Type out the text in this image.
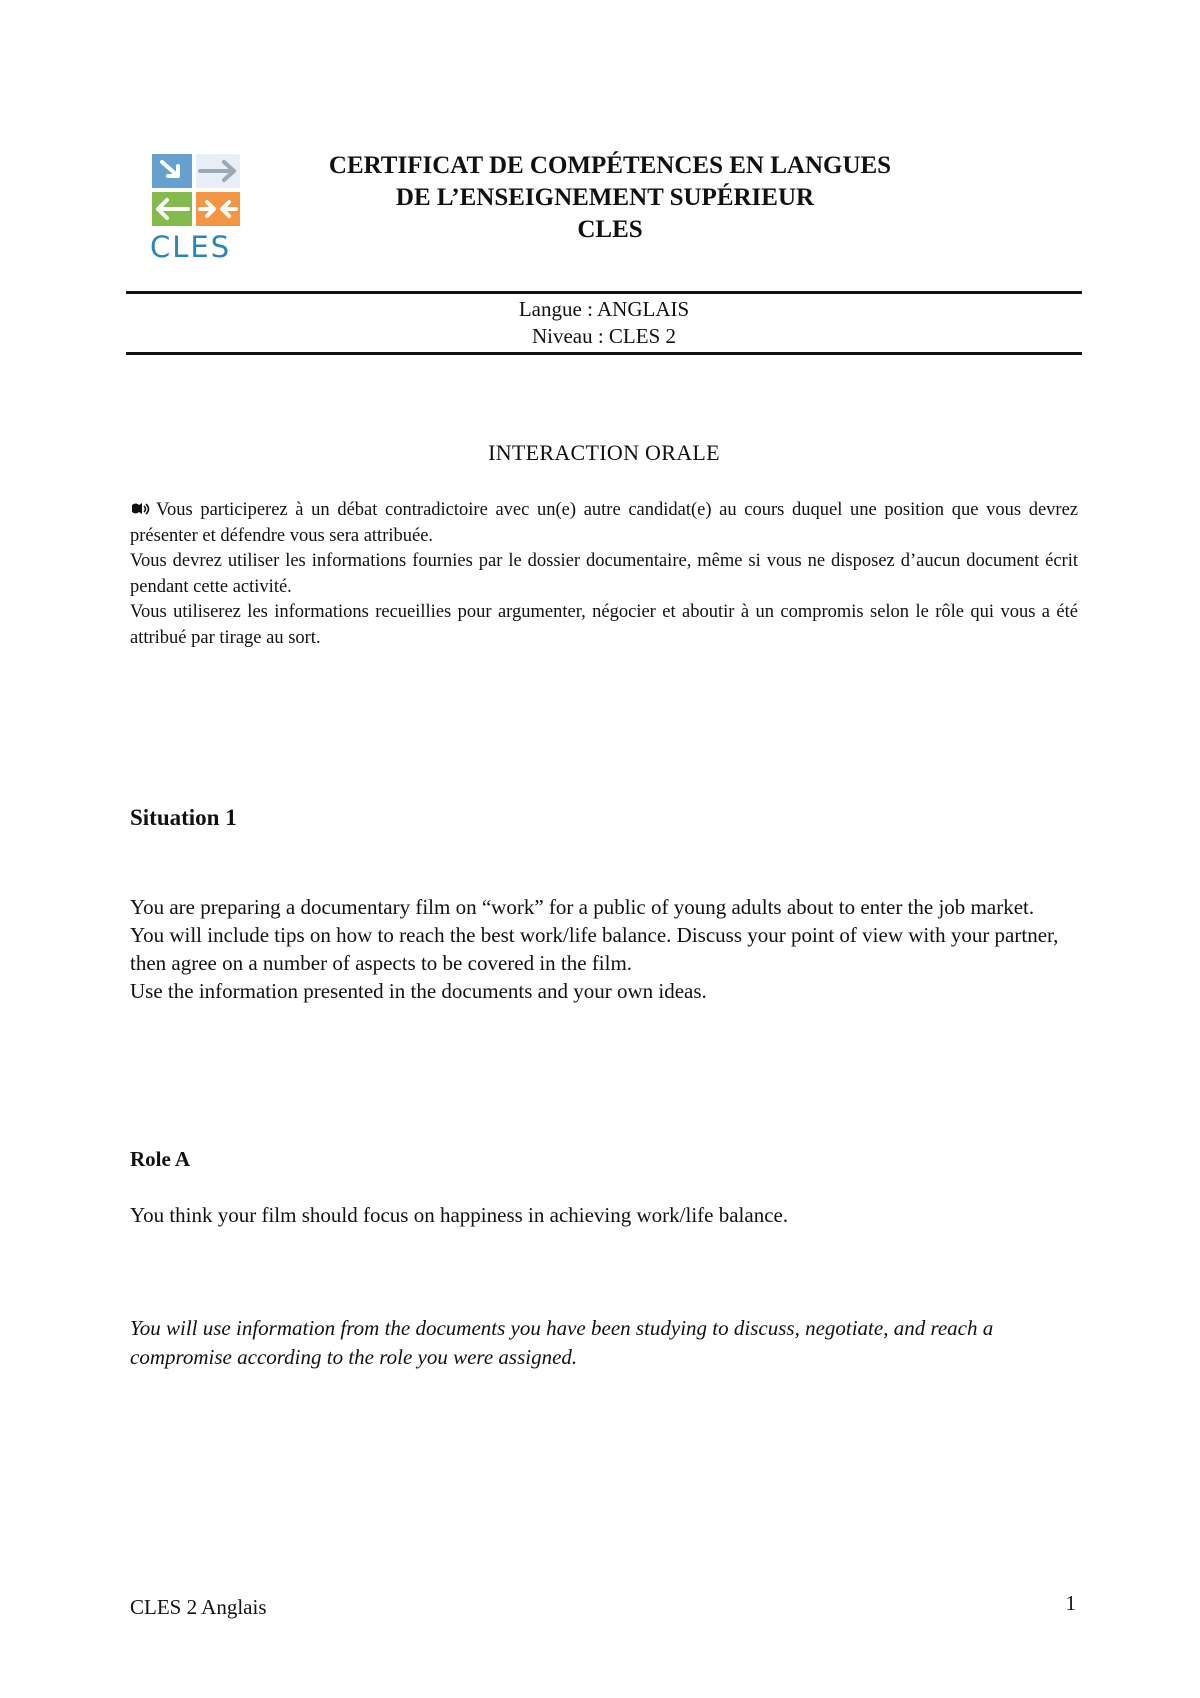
CLES
CERTIFICAT DE COMPÉTENCES EN LANGUES
DE L’ENSEIGNEMENT SUPÉRIEUR
CLES
Langue : ANGLAIS
Niveau : CLES 2
INTERACTION ORALE

Vous participerez à un débat contradictoire avec un(e) autre candidat(e) au cours duquel une position que vous devrez présenter et défendre vous sera attribuée.

Vous devrez utiliser les informations fournies par le dossier documentaire, même si vous ne disposez d’aucun document écrit pendant cette activité.

Vous utiliserez les informations recueillies pour argumenter, négocier et aboutir à un compromis selon le rôle qui vous a été attribué par tirage au sort.

Situation 1

You are preparing a documentary film on “work” for a public of young adults about to enter the job market.

You will include tips on how to reach the best work/life balance. Discuss your point of view with your partner, then agree on a number of aspects to be covered in the film.

Use the information presented in the documents and your own ideas.

Role A
You think your film should focus on happiness in achieving work/life balance.
You will use information from the documents you have been studying to discuss, negotiate, and reach a compromise according to the role you were assigned.
CLES 2 Anglais	1
